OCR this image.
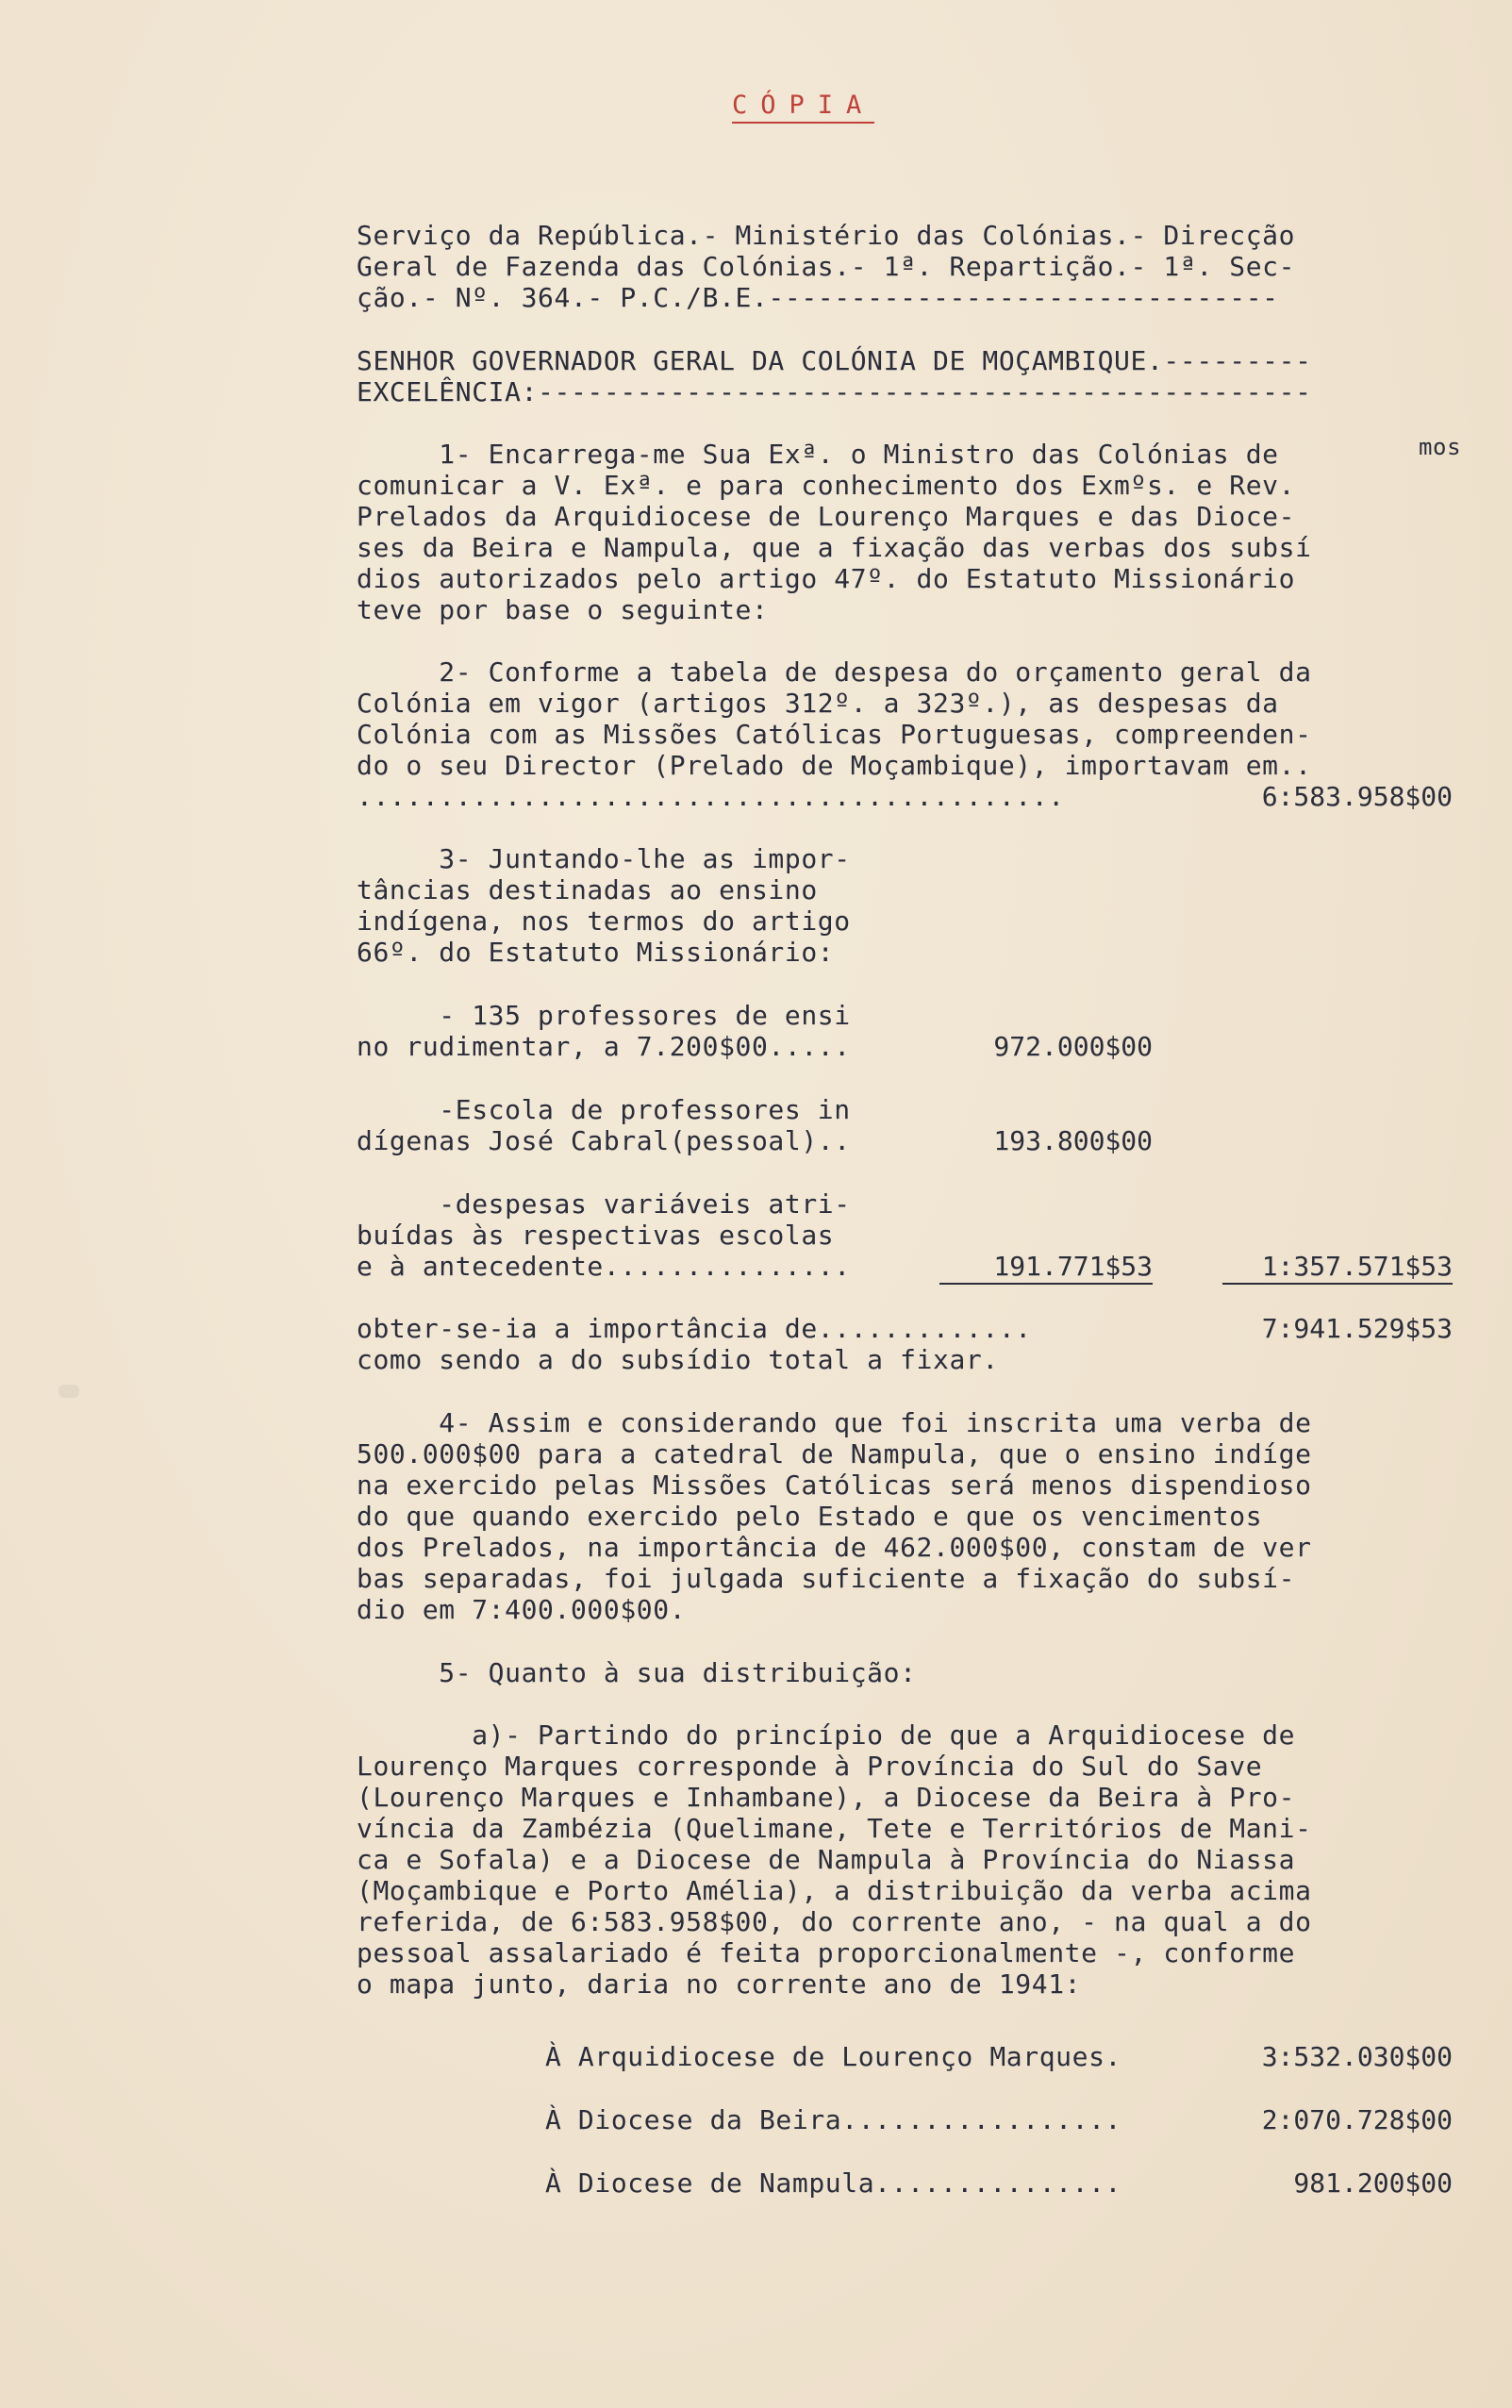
CÓPIA
Serviço da República.- Ministério das Colónias.- Direcção
Geral de Fazenda das Colónias.- 1ª. Repartição.- 1ª. Sec-
ção.- Nº. 364.- P.C./B.E.-------------------------------
SENHOR GOVERNADOR GERAL DA COLÓNIA DE MOÇAMBIQUE.---------
EXCELÊNCIA:-----------------------------------------------
1- Encarrega-me Sua Exª. o Ministro das Colónias de	mos
comunicar a V. Exª. e para conhecimento dos Exmºs. e Rev.
Prelados da Arquidiocese de Lourenço Marques e das Dioce-
ses da Beira e Nampula, que a fixação das verbas dos subsí
dios autorizados pelo artigo 47º. do Estatuto Missionário
teve por base o seguinte:
2- Conforme a tabela de despesa do orçamento geral da
Colónia em vigor (artigos 312º. a 323º.), as despesas da
Colónia com as Missões Católicas Portuguesas, compreenden-
do o seu Director (Prelado de Moçambique), importavam em..
...........................................	6:583.958$00
3- Juntando-lhe as impor-
tâncias destinadas ao ensino
indígena, nos termos do artigo
66º. do Estatuto Missionário:
- 135 professores de ensi
no rudimentar, a 7.200$00.....	972.000$00
-Escola de professores in
dígenas José Cabral(pessoal)..	193.800$00
-despesas variáveis atri-
buídas às respectivas escolas
e à antecedente...............	191.771$53	1:357.571$53
obter-se-ia a importância de.............	7:941.529$53
como sendo a do subsídio total a fixar.
4- Assim e considerando que foi inscrita uma verba de
500.000$00 para a catedral de Nampula, que o ensino indíge
na exercido pelas Missões Católicas será menos dispendioso
do que quando exercido pelo Estado e que os vencimentos
dos Prelados, na importância de 462.000$00, constam de ver
bas separadas, foi julgada suficiente a fixação do subsí-
dio em 7:400.000$00.
5- Quanto à sua distribuição:
a)- Partindo do princípio de que a Arquidiocese de
Lourenço Marques corresponde à Província do Sul do Save
(Lourenço Marques e Inhambane), a Diocese da Beira à Pro-
víncia da Zambézia (Quelimane, Tete e Territórios de Mani-
ca e Sofala) e a Diocese de Nampula à Província do Niassa
(Moçambique e Porto Amélia), a distribuição da verba acima
referida, de 6:583.958$00, do corrente ano, - na qual a do
pessoal assalariado é feita proporcionalmente -, conforme
o mapa junto, daria no corrente ano de 1941:
À Arquidiocese de Lourenço Marques.	3:532.030$00
À Diocese da Beira.................	2:070.728$00
À Diocese de Nampula...............	981.200$00
